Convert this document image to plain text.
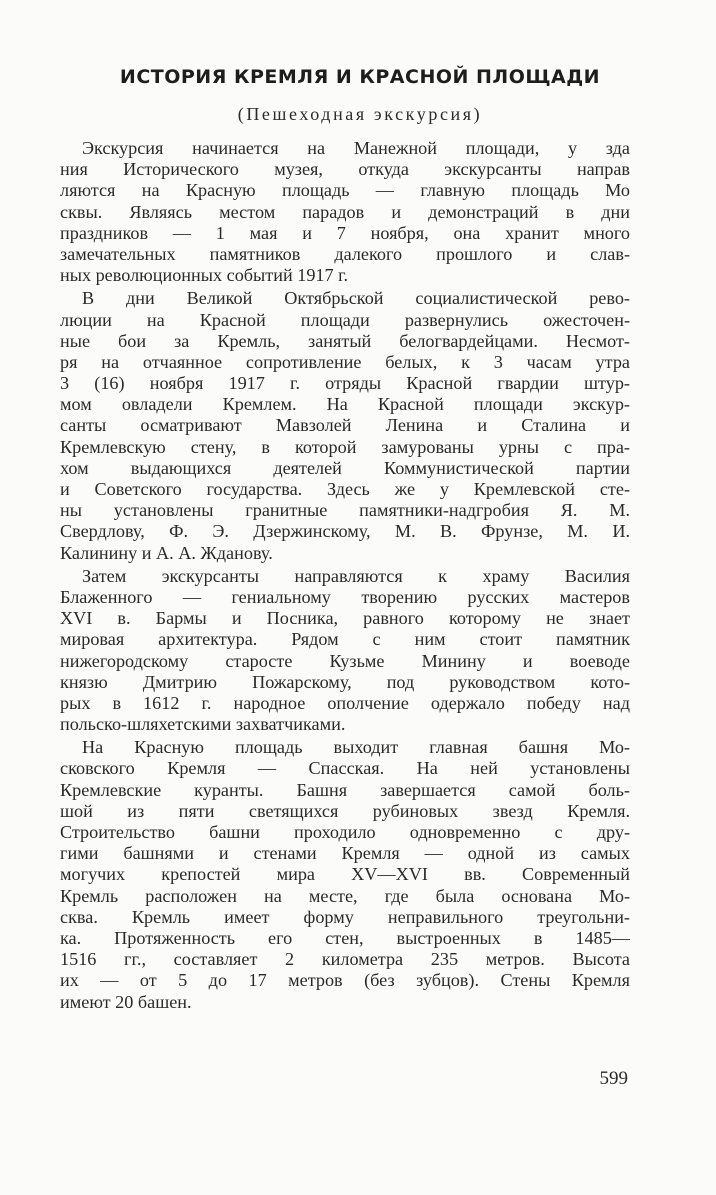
ИСТОРИЯ КРЕМЛЯ И КРАСНОЙ ПЛОЩАДИ
(Пешеходная экскурсия)
Экскурсия начинается на Манежной площади, у зда
ния Исторического музея, откуда экскурсанты направ
ляются на Красную площадь — главную площадь Мо
сквы. Являясь местом парадов и демонстраций в дни
праздников — 1 мая и 7 ноября, она хранит много
замечательных памятников далекого прошлого и слав-
ных революционных событий 1917 г.
В дни Великой Октябрьской социалистической рево-
люции на Красной площади развернулись ожесточен-
ные бои за Кремль, занятый белогвардейцами. Несмот-
ря на отчаянное сопротивление белых, к 3 часам утра
3 (16) ноября 1917 г. отряды Красной гвардии штур-
мом овладели Кремлем. На Красной площади экскур-
санты осматривают Мавзолей Ленина и Сталина и
Кремлевскую стену, в которой замурованы урны с пра-
хом выдающихся деятелей Коммунистической партии
и Советского государства. Здесь же у Кремлевской сте-
ны установлены гранитные памятники-надгробия Я. М.
Свердлову, Ф. Э. Дзержинскому, М. В. Фрунзе, М. И.
Калинину и А. А. Жданову.
Затем экскурсанты направляются к храму Василия
Блаженного — гениальному творению русских мастеров
XVI в. Бармы и Посника, равного которому не знает
мировая архитектура. Рядом с ним стоит памятник
нижегородскому старосте Кузьме Минину и воеводе
князю Дмитрию Пожарскому, под руководством кото-
рых в 1612 г. народное ополчение одержало победу над
польско-шляхетскими захватчиками.
На Красную площадь выходит главная башня Мо-
сковского Кремля — Спасская. На ней установлены
Кремлевские куранты. Башня завершается самой боль-
шой из пяти светящихся рубиновых звезд Кремля.
Строительство башни проходило одновременно с дру-
гими башнями и стенами Кремля — одной из самых
могучих крепостей мира XV—XVI вв. Современный
Кремль расположен на месте, где была основана Мо-
сква. Кремль имеет форму неправильного треугольни-
ка. Протяженность его стен, выстроенных в 1485—
1516 гг., составляет 2 километра 235 метров. Высота
их — от 5 до 17 метров (без зубцов). Стены Кремля
имеют 20 башен.
599
